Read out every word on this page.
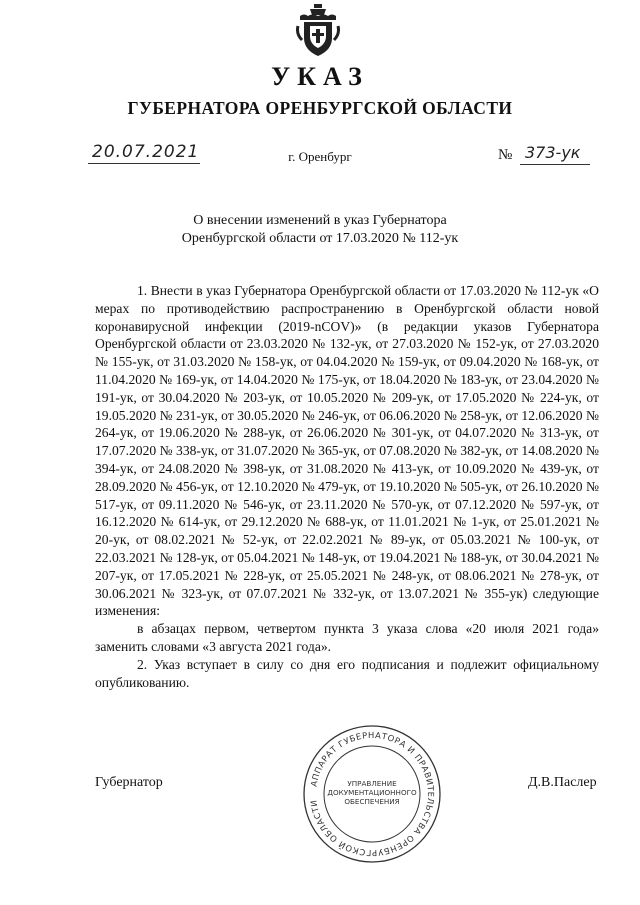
УКАЗ
ГУБЕРНАТОРА ОРЕНБУРГСКОЙ ОБЛАСТИ
20.07.2021	г. Оренбург	№ 373-ук
О внесении изменений в указ Губернатора
Оренбургской области от 17.03.2020 № 112-ук

1. Внести в указ Губернатора Оренбургской области от 17.03.2020 № 112-ук «О мерах по противодействию распространению в Оренбургской области новой коронавирусной инфекции (2019-nCOV)» (в редакции указов Губернатора Оренбургской области от 23.03.2020 № 132-ук, от 27.03.2020 № 152-ук, от 27.03.2020 № 155-ук, от 31.03.2020 № 158-ук, от 04.04.2020 № 159-ук, от 09.04.2020 № 168-ук, от 11.04.2020 № 169-ук, от 14.04.2020 № 175-ук, от 18.04.2020 № 183-ук, от 23.04.2020 № 191-ук, от 30.04.2020 № 203-ук, от 10.05.2020 № 209-ук, от 17.05.2020 № 224-ук, от 19.05.2020 № 231-ук, от 30.05.2020 № 246-ук, от 06.06.2020 № 258-ук, от 12.06.2020 № 264-ук, от 19.06.2020 № 288-ук, от 26.06.2020 № 301-ук, от 04.07.2020 № 313-ук, от 17.07.2020 № 338-ук, от 31.07.2020 № 365-ук, от 07.08.2020 № 382-ук, от 14.08.2020 № 394-ук, от 24.08.2020 № 398-ук, от 31.08.2020 № 413-ук, от 10.09.2020 № 439-ук, от 28.09.2020 № 456-ук, от 12.10.2020 № 479-ук, от 19.10.2020 № 505-ук, от 26.10.2020 № 517-ук, от 09.11.2020 № 546-ук, от 23.11.2020 № 570-ук, от 07.12.2020 № 597-ук, от 16.12.2020 № 614-ук, от 29.12.2020 № 688-ук, от 11.01.2021 № 1-ук, от 25.01.2021 № 20-ук, от 08.02.2021 № 52-ук, от 22.02.2021 № 89-ук, от 05.03.2021 № 100-ук, от 22.03.2021 № 128-ук, от 05.04.2021 № 148-ук, от 19.04.2021 № 188-ук, от 30.04.2021 № 207-ук, от 17.05.2021 № 228-ук, от 25.05.2021 № 248-ук, от 08.06.2021 № 278-ук, от 30.06.2021 № 323-ук, от 07.07.2021 № 332-ук, от 13.07.2021 № 355-ук) следующие изменения:

в абзацах первом, четвертом пункта 3 указа слова «20 июля 2021 года» заменить словами «3 августа 2021 года».

2. Указ вступает в силу со дня его подписания и подлежит официальному опубликованию.

Губернатор	Д.В.Паслер
АППАРАТ ГУБЕРНАТОРА И ПРАВИТЕЛЬСТВА ОРЕНБУРГСКОЙ ОБЛАСТИ
УПРАВЛЕНИЕ
ДОКУМЕНТАЦИОННОГО
ОБЕСПЕЧЕНИЯ
